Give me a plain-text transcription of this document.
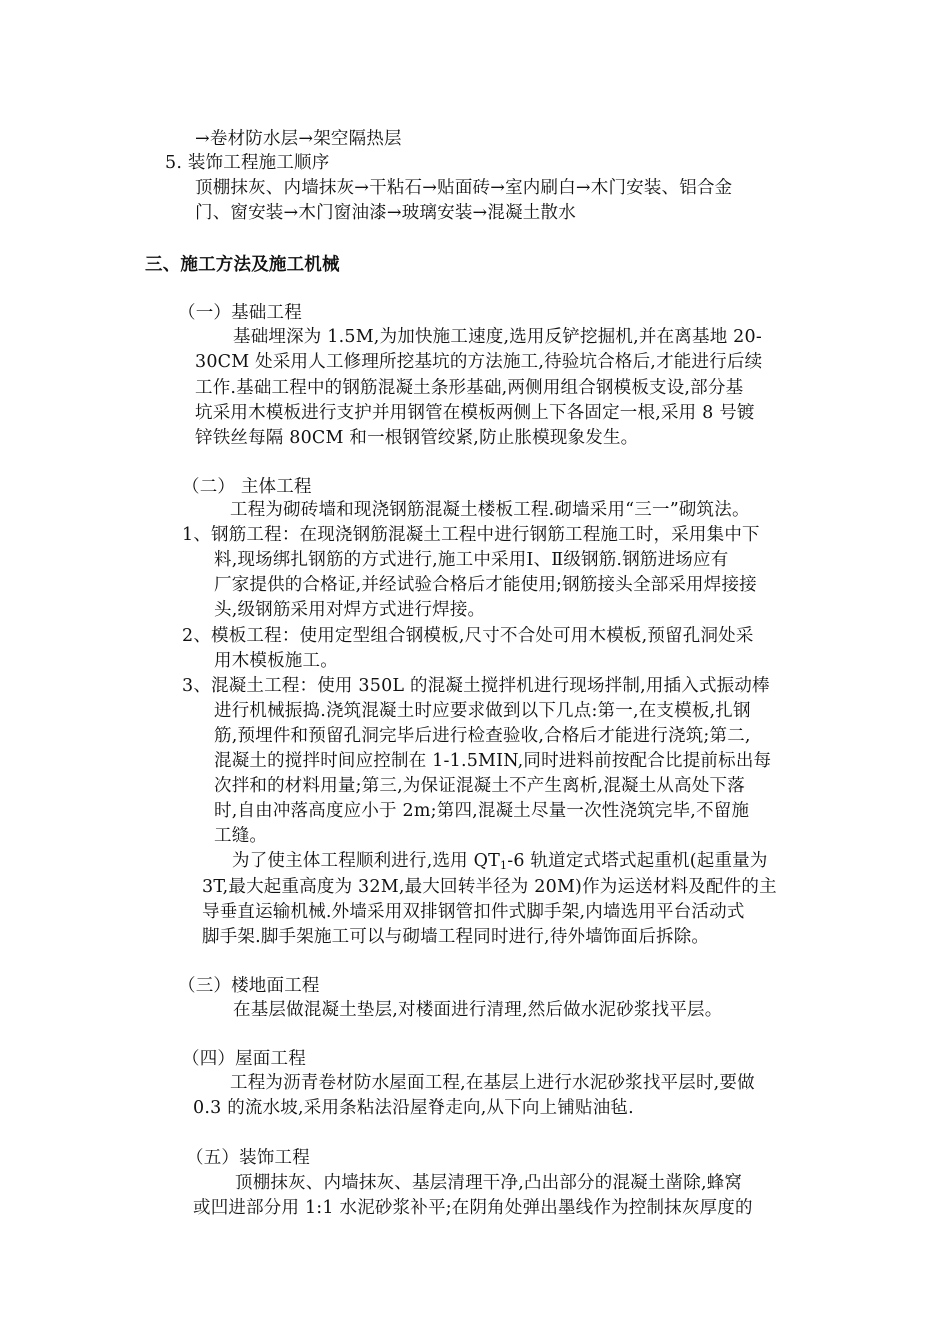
→卷材防水层→架空隔热层
5. 装饰工程施工顺序
顶棚抹灰、内墙抹灰→干粘石→贴面砖→室内刷白→木门安装、铝合金
门、窗安装→木门窗油漆→玻璃安装→混凝土散水
三、施工方法及施工机械
（一）基础工程
基础埋深为 1.5M,为加快施工速度,选用反铲挖掘机,并在离基地 20-
30CM 处采用人工修理所挖基坑的方法施工,待验坑合格后,才能进行后续
工作.基础工程中的钢筋混凝土条形基础,两侧用组合钢模板支设,部分基
坑采用木模板进行支护并用钢管在模板两侧上下各固定一根,采用 8 号镀
锌铁丝每隔 80CM 和一根钢管绞紧,防止胀模现象发生。
（二） 主体工程
工程为砌砖墙和现浇钢筋混凝土楼板工程.砌墙采用“三一”砌筑法。
1、钢筋工程：在现浇钢筋混凝土工程中进行钢筋工程施工时，采用集中下
料,现场绑扎钢筋的方式进行,施工中采用Ⅰ、Ⅱ级钢筋.钢筋进场应有
厂家提供的合格证,并经试验合格后才能使用;钢筋接头全部采用焊接接
头,级钢筋采用对焊方式进行焊接。
2、模板工程：使用定型组合钢模板,尺寸不合处可用木模板,预留孔洞处采
用木模板施工。
3、混凝土工程：使用 350L 的混凝土搅拌机进行现场拌制,用插入式振动棒
进行机械振捣.浇筑混凝土时应要求做到以下几点:第一,在支模板,扎钢
筋,预埋件和预留孔洞完毕后进行检查验收,合格后才能进行浇筑;第二,
混凝土的搅拌时间应控制在 1-1.5MIN,同时进料前按配合比提前标出每
次拌和的材料用量;第三,为保证混凝土不产生离析,混凝土从高处下落
时,自由冲落高度应小于 2m;第四,混凝土尽量一次性浇筑完毕,不留施
工缝。
为了使主体工程顺利进行,选用 $QT_1-6$ 轨道定式塔式起重机(起重量为
3T,最大起重高度为 32M,最大回转半径为 20M)作为运送材料及配件的主
导垂直运输机械.外墙采用双排钢管扣件式脚手架,内墙选用平台活动式
脚手架.脚手架施工可以与砌墙工程同时进行,待外墙饰面后拆除。
（三）楼地面工程
在基层做混凝土垫层,对楼面进行清理,然后做水泥砂浆找平层。
（四）屋面工程
工程为沥青卷材防水屋面工程,在基层上进行水泥砂浆找平层时,要做
0.3 的流水坡,采用条粘法沿屋脊走向,从下向上铺贴油毡.
（五）装饰工程
顶棚抹灰、内墙抹灰、基层清理干净,凸出部分的混凝土凿除,蜂窝
或凹进部分用 1:1 水泥砂浆补平;在阴角处弹出墨线作为控制抹灰厚度的
